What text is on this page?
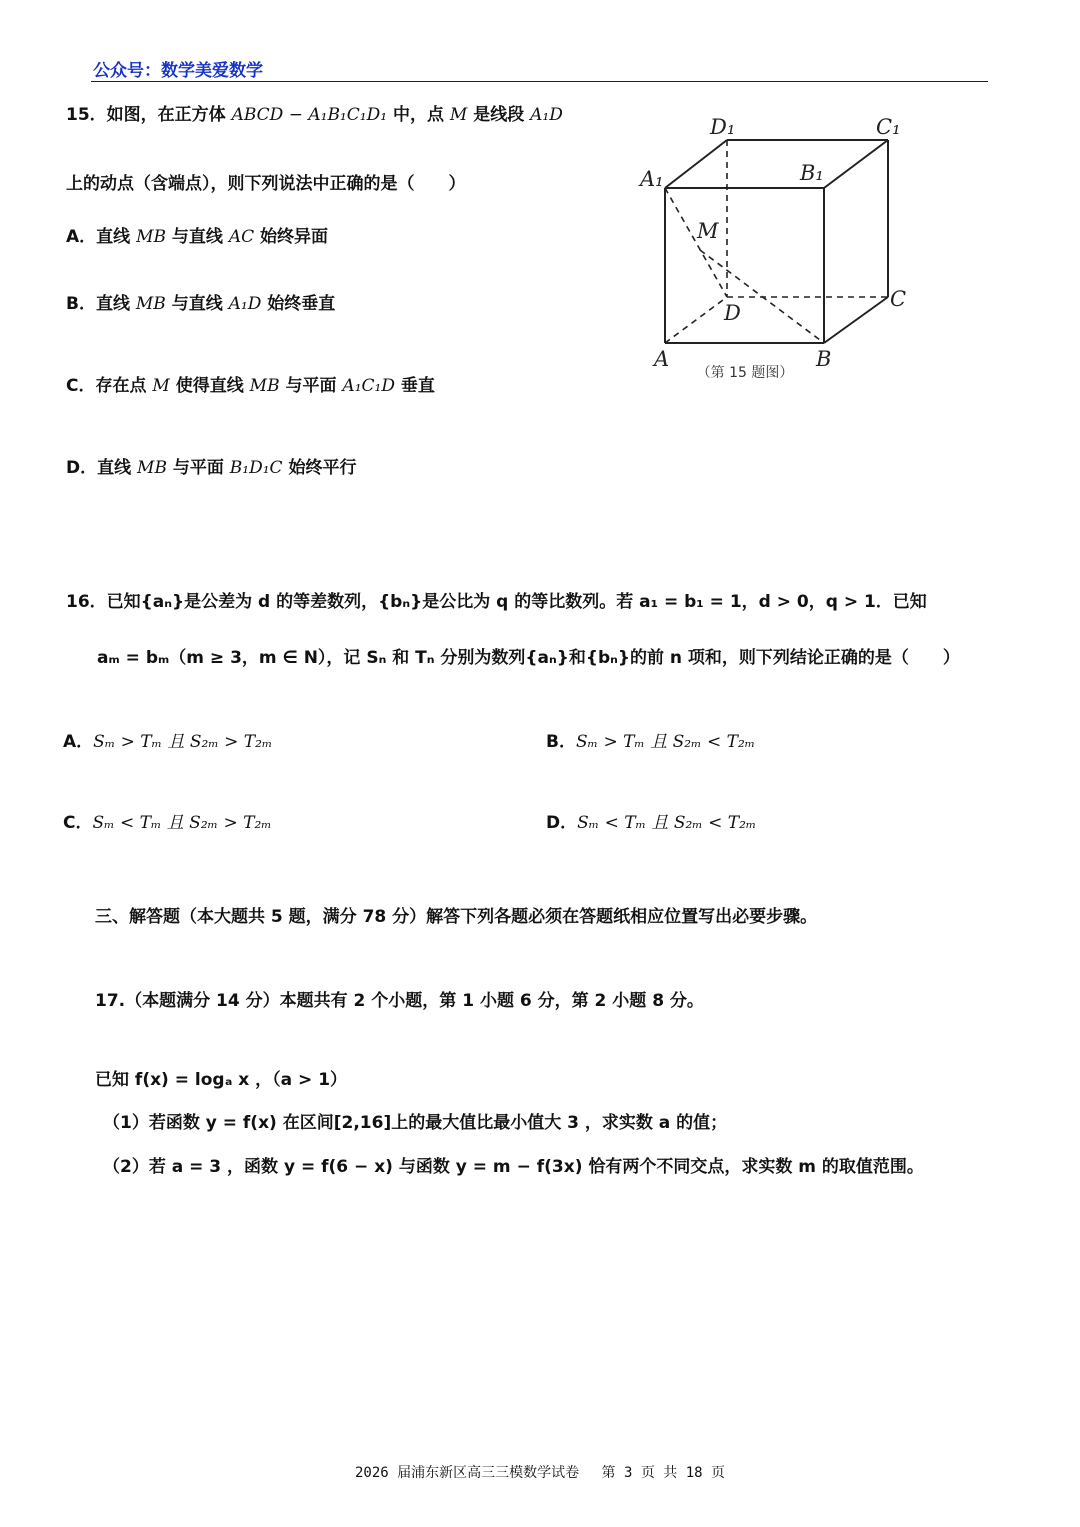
公众号：数学美爱数学
15．如图，在正方体 ABCD − A₁B₁C₁D₁ 中，点 M 是线段 A₁D
上的动点（含端点），则下列说法中正确的是（　　）
A．直线 MB 与直线 AC 始终异面
B．直线 MB 与直线 A₁D 始终垂直
C．存在点 M 使得直线 MB 与平面 A₁C₁D 垂直
D．直线 MB 与平面 B₁D₁C 始终平行
D₁	C₁
A₁	B₁
M
C
D
A	B
（第 15 题图）
16．已知{aₙ}是公差为 d 的等差数列，{bₙ}是公比为 q 的等比数列。若 a₁ = b₁ = 1，d > 0，q > 1．已知
aₘ = bₘ（m ≥ 3，m ∈ N），记 Sₙ 和 Tₙ 分别为数列{aₙ}和{bₙ}的前 n 项和，则下列结论正确的是（　　）
A．Sₘ > Tₘ 且 S₂ₘ > T₂ₘ	B．Sₘ > Tₘ 且 S₂ₘ < T₂ₘ
C．Sₘ < Tₘ 且 S₂ₘ > T₂ₘ	D．Sₘ < Tₘ 且 S₂ₘ < T₂ₘ
三、解答题（本大题共 5 题，满分 78 分）解答下列各题必须在答题纸相应位置写出必要步骤。
17.（本题满分 14 分）本题共有 2 个小题，第 1 小题 6 分，第 2 小题 8 分。
已知 f(x) = logₐ x ，（a > 1）
（1）若函数 y = f(x) 在区间[2,16]上的最大值比最小值大 3 ，求实数 a 的值；
（2）若 a = 3 ，函数 y = f(6 − x) 与函数 y = m − f(3x) 恰有两个不同交点，求实数 m 的取值范围。
2026 届浦东新区高三三模数学试卷　 第 3 页 共 18 页
